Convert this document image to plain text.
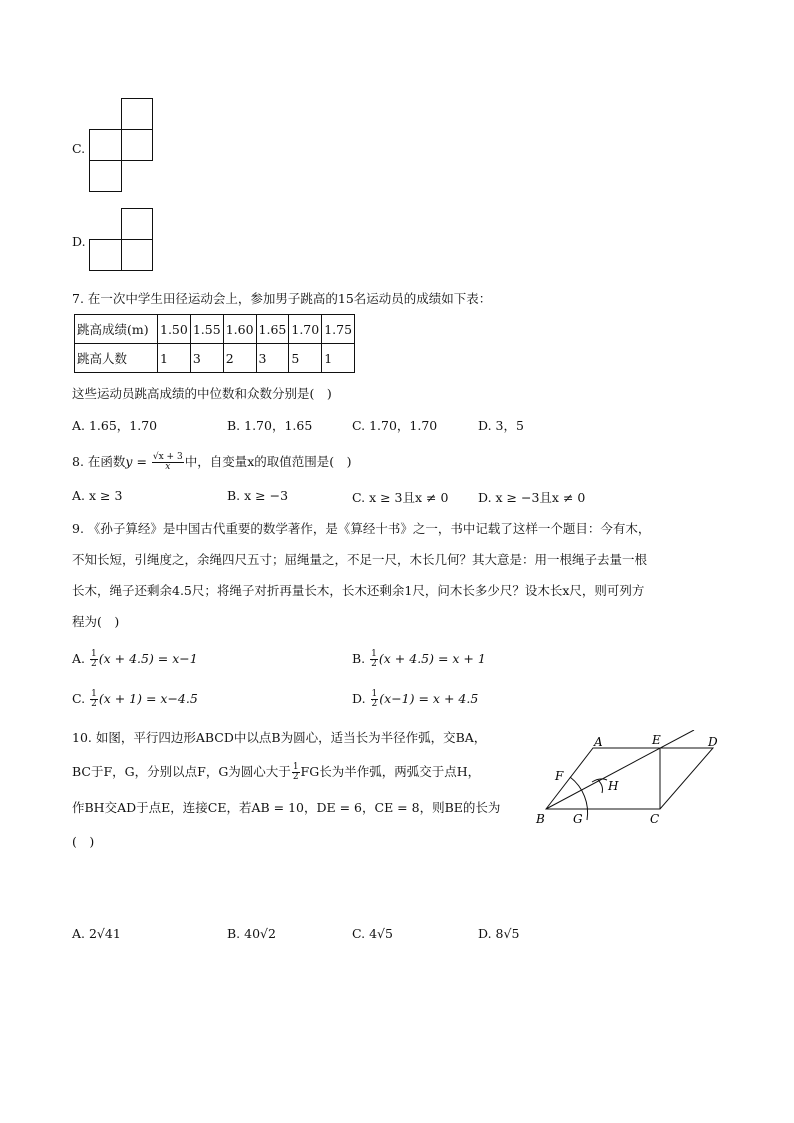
C.
D.
7. 在一次中学生田径运动会上，参加男子跳高的15名运动员的成绩如下表：
跳高成绩(m)	1.50	1.55	1.60	1.65	1.70	1.75
跳高人数	1	3	2	3	5	1
这些运动员跳高成绩的中位数和众数分别是(　)
A. 1.65，1.70	B. 1.70，1.65	C. 1.70，1.70	D. 3，5
8. 在函数$y = \frac{√x + 3}{x}$ 中，自变量x的取值范围是(　)
A. x ≥ 3	B. x ≥ −3	C. x ≥ 3且x ≠ 0 D. x ≥ −3且x ≠ 0
9. 《孙子算经》是中国古代重要的数学著作，是《算经十书》之一，书中记载了这样一个题目：今有木，
不知长短，引绳度之，余绳四尺五寸；屈绳量之，不足一尺，木长几何？其大意是：用一根绳子去量一根
长木，绳子还剩余4.5尺；将绳子对折再量长木，长木还剩余1尺，问木长多少尺？设木长x尺，则可列方
程为(　)
A. $\frac{1}{2} (x + 4.5) = x-1$	B. $\frac{1}{2} (x + 4.5) = x + 1$
C. $\frac{1}{2} (x + 1) = x-4.5$	D. $\frac{1}{2} (x-1) = x + 4.5$
10. 如图，平行四边形ABCD中以点B为圆心，适当长为半径作弧，交BA，
BC于F，G，分别以点F，G为圆心大于 $\frac{1}{2}$ FG长为半作弧，两弧交于点H，
作BH交AD于点E，连接CE，若AB = 10，DE = 6，CE = 8，则BE的长为
(　)
A	E	D
F
H
B G	C
A. 2√41	B. 40√2	C. 4√5	D. 8√5
